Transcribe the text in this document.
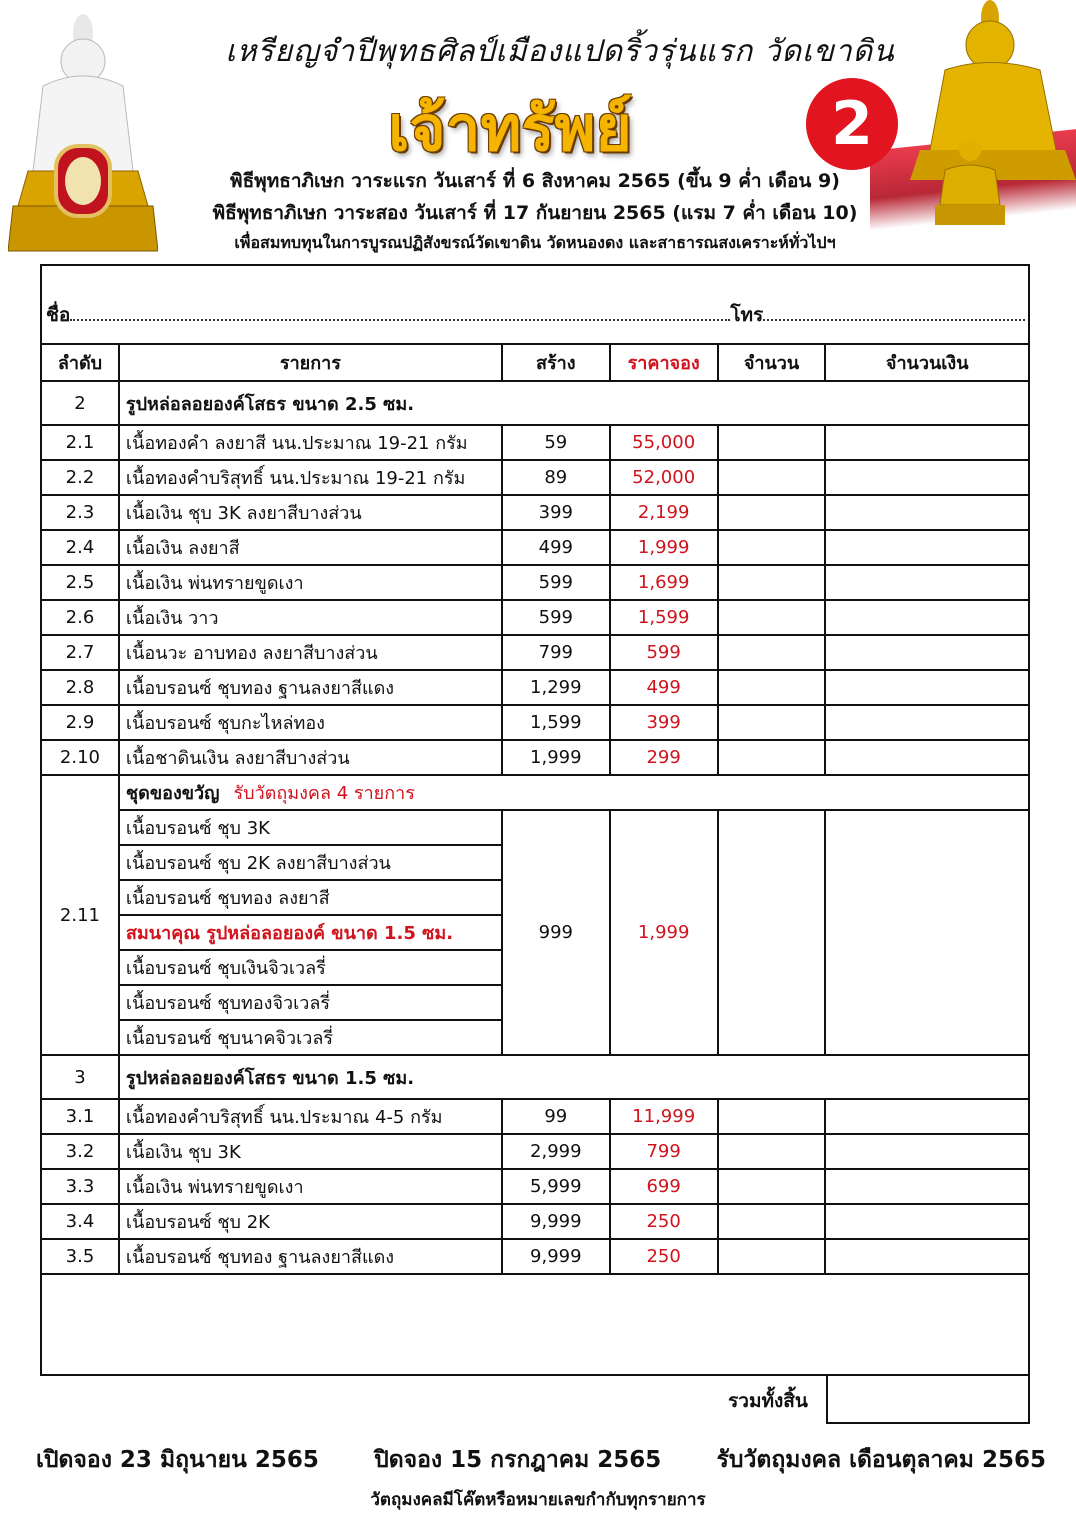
เหรียญจำปีพุทธศิลป์เมืองแปดริ้วรุ่นแรก วัดเขาดิน
เจ้าทรัพย์	2
พิธีพุทธาภิเษก วาระแรก วันเสาร์ ที่ 6 สิงหาคม 2565 (ขึ้น 9 ค่ำ เดือน 9)
พิธีพุทธาภิเษก วาระสอง วันเสาร์ ที่ 17 กันยายน 2565 (แรม 7 ค่ำ เดือน 10)
เพื่อสมทบทุนในการบูรณปฏิสังขรณ์วัดเขาดิน วัดหนองดง และสาธารณสงเคราะห์ทั่วไปฯ
ชื่อ	โทร
ลำดับ	รายการ	สร้าง	ราคาจอง	จำนวน	จำนวนเงิน
2	รูปหล่อลอยองค์โสธร ขนาด 2.5 ซม.				
2.1	เนื้อทองคำ ลงยาสี นน.ประมาณ 19-21 กรัม	59	55,000		
2.2	เนื้อทองคำบริสุทธิ์ นน.ประมาณ 19-21 กรัม	89	52,000		
2.3	เนื้อเงิน ชุบ 3K ลงยาสีบางส่วน	399	2,199		
2.4	เนื้อเงิน ลงยาสี	499	1,999		
2.5	เนื้อเงิน พ่นทรายขูดเงา	599	1,699		
2.6	เนื้อเงิน วาว	599	1,599		
2.7	เนื้อนวะ อาบทอง ลงยาสีบางส่วน	799	599		
2.8	เนื้อบรอนซ์ ชุบทอง ฐานลงยาสีแดง	1,299	499		
2.9	เนื้อบรอนซ์ ชุบกะไหล่ทอง	1,599	399		
2.10	เนื้อชาดินเงิน ลงยาสีบางส่วน	1,999	299		
2.11	ชุดของขวัญ รับวัตถุมงคล 4 รายการ				
	เนื้อบรอนซ์ ชุบ 3K	999	1,999		
	เนื้อบรอนซ์ ชุบ 2K ลงยาสีบางส่วน				
	เนื้อบรอนซ์ ชุบทอง ลงยาสี				
	สมนาคุณ รูปหล่อลอยองค์ ขนาด 1.5 ซม.				
	เนื้อบรอนซ์ ชุบเงินจิวเวลรี่				
	เนื้อบรอนซ์ ชุบทองจิวเวลรี่				
	เนื้อบรอนซ์ ชุบนาคจิวเวลรี่				
3	รูปหล่อลอยองค์โสธร ขนาด 1.5 ซม.				
3.1	เนื้อทองคำบริสุทธิ์ นน.ประมาณ 4-5 กรัม	99	11,999		
3.2	เนื้อเงิน ชุบ 3K	2,999	799		
3.3	เนื้อเงิน พ่นทรายขูดเงา	5,999	699		
3.4	เนื้อบรอนซ์ ชุบ 2K	9,999	250		
3.5	เนื้อบรอนซ์ ชุบทอง ฐานลงยาสีแดง	9,999	250		
รวมทั้งสิ้น
เปิดจอง 23 มิถุนายน 2565 ปิดจอง 15 กรกฎาคม 2565 รับวัตถุมงคล เดือนตุลาคม 2565
วัตถุมงคลมีโค๊ตหรือหมายเลขกำกับทุกรายการ
